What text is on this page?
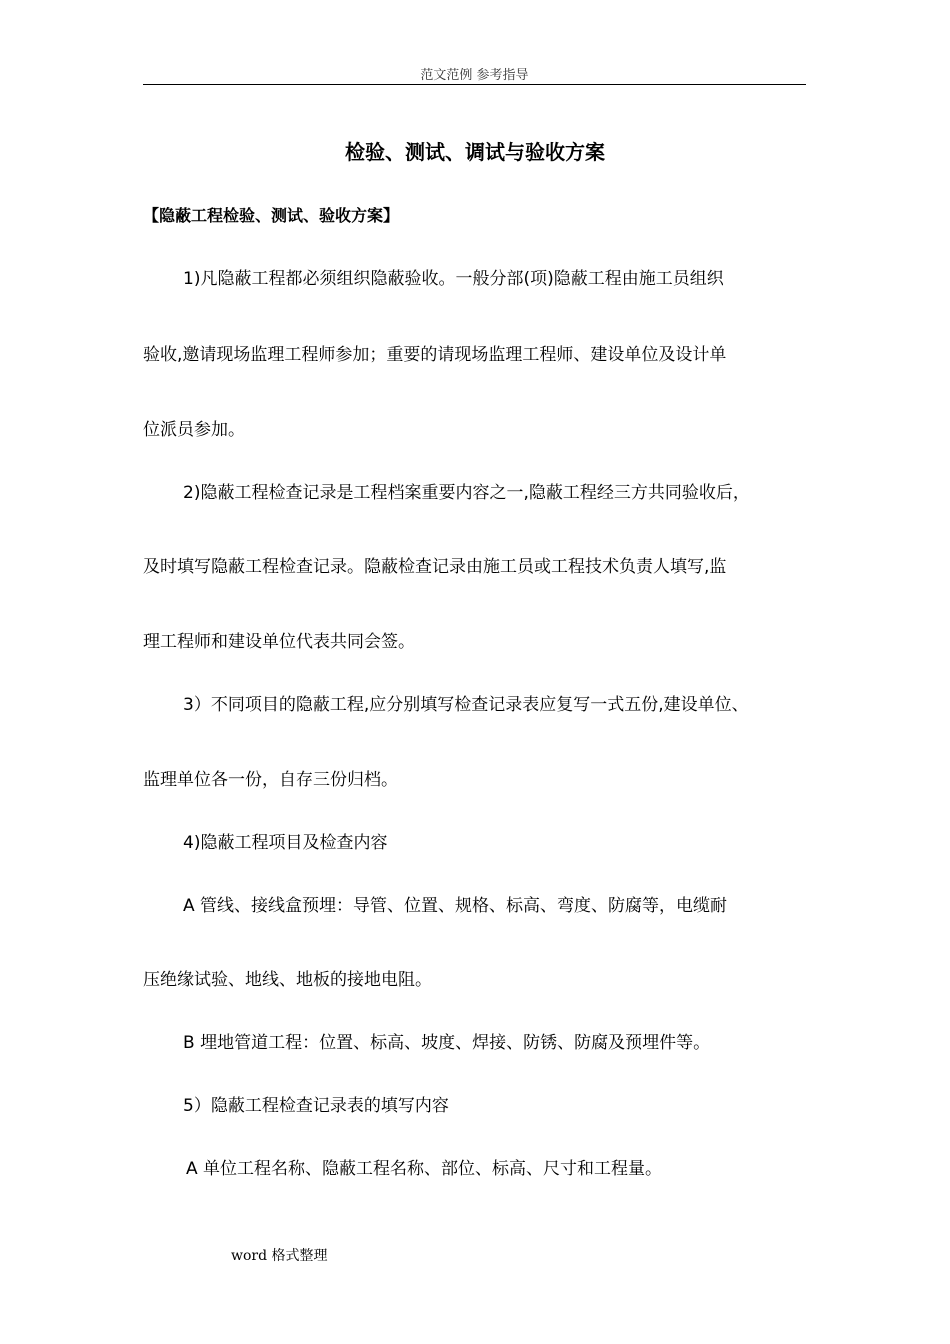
范文范例 参考指导
检验、测试、调试与验收方案
【隐蔽工程检验、测试、验收方案】
1)凡隐蔽工程都必须组织隐蔽验收。一般分部(项)隐蔽工程由施工员组织
验收,邀请现场监理工程师参加；重要的请现场监理工程师、建设单位及设计单
位派员参加。
2)隐蔽工程检查记录是工程档案重要内容之一,隐蔽工程经三方共同验收后，
及时填写隐蔽工程检查记录。隐蔽检查记录由施工员或工程技术负责人填写,监
理工程师和建设单位代表共同会签。
3）不同项目的隐蔽工程,应分别填写检查记录表应复写一式五份,建设单位、
监理单位各一份，自存三份归档。
4)隐蔽工程项目及检查内容
A 管线、接线盒预埋：导管、位置、规格、标高、弯度、防腐等，电缆耐
压绝缘试验、地线、地板的接地电阻。
B 埋地管道工程：位置、标高、坡度、焊接、防锈、防腐及预埋件等。
5）隐蔽工程检查记录表的填写内容
A 单位工程名称、隐蔽工程名称、部位、标高、尺寸和工程量。
word 格式整理
